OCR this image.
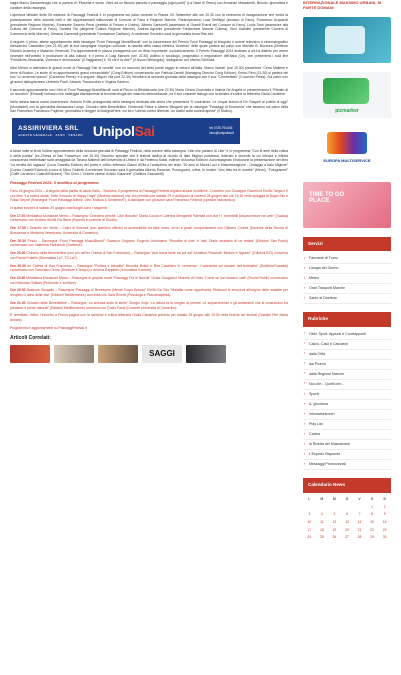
sagra Marco Santambrogio che ci parlerà di “Filosofia e storia. Vieni da un filosofo piaciuto e passeggia (ogni poeti)” (La Nave di Teseo) con Armando Massarenti, filosofo, giornalista e curatore della rassegna.

L'apertura ufficiale della XII edizione di Passaggi Festival è in programma sul palco centrale in Piazza XX Settembre alle ore 20.30 con la cerimonia di inaugurazione che vedrà la partecipazione delle autorità civili e dei rappresentanti istituzionali di Comune di Fano e Regione Marche. Parteciperanno Luca Serfilippi (sindaco di Fano), Francesco Acquaroli (presidente Regione Marche), Emanuele Saverio Pezzi (prefetto di Pesaro e Urbino), Alberto Santorelli (assessore al Grandi Eventi del Comune di Fano), Lucia Tomi (assessore alla Cultura del Comune di Fano), Daniela Tisi (dirigente Cultura Regione Marche), Andrea Agostini (presidente Fondazione Marche Cultura), Gino Sabatini (presidente Camera di Commercio delle Marche), Gessica Camerlati (presidente Fondazione Carifano). A moderare l'incontro sarà la giornalista Anna Rita Ioni.

A seguire, il primo, attese appuntamento della rassegna “Fuori Passaggi MusicBiscuit” con la conversione del Premio Fuori Passaggi al fotografo e autore televisivo e cinematografico Alessandro Castaldino (ore 21.30) per la sua campagna: impegno culturale: la nascita della cassa elettrica 'Accendo' delle quale parlerà sul palco con Michele B. Buonora (Direttore Edizioni Accento) e Massimo Vimercati, Tra appuntamenti in piazza protagonisti con un ritmo importante, iconomicamente. Il Premio Passaggi 2024 dedicato a chi ha distinto per vivere neomare nell'ambito e produzione di alta cultura, è il primo a Luigi Mancini (ore 22.30) politico e sociologo, pragmatico e negoziatore dell'Italia (Ce), che presenterà i suoi libri “Pollobiche-Sessualità, Violenza e democrazia” (Il Saggiatore) e “Di chi è la vita?” (Il Nuovo Melangolo), dialogando con Marino Sinibaldi.

Alba Menco si attenderà le grandi novel di Passaggi Fair le novelle' con un racconto del lento ponte raggio in mezzo all'Italia. Marco Vanner (ore 19.30) presenterà “Certo Maltese e Irene di Boston. Le storie di un appuntamento grand irrinunciabile” (Cong Editore) conversando con Patrizia Zanotti (Managing Director Cong Editore); Enrico Pirro (21.30) si parlerà del suo “Lo schermo bianco” (Coccinino Press); e a seguire, Miguel Vila (ore 22.30) introdurrà la seconda giornata della rassegna con il suo “Cornfortbles” (Coconino Press). Sul palco con gli autori dialogheranno Umberto Ponti, Aleardo Trasciocchio e Virginia Santoro.

Il secondo appuntamento con i libri di 'Fuori Passaggi MusicBiscuit' sarà al Pincio: la Bibliotecaria (ore 22.30) Maria Chiara Cicciolella e Valeria De Angelis ci presenteranno il “Ritratto di un ricordino” (Einaudi) romanzo che tratteggia attentamente la fenomenologia del maschio eterosessuale, ed il suo costante dialogo con la sinistra d'ordine la letteraria Giulia Cavaliere.

Nella stessa fascia oraria ricorreranno: Antonio Polito protagonista della rassegna dedicata alla storia che presenterà “Il costruttore. Le cinque lezioni di De Gasperi ai politici di oggi” (Mondadori) con la giornalista Alessandra Longo. Chiostro delle Benedettine, Emanuele Felice e Alberto Mingardi per la rassegna “Passaggi di Economia” che saranno sul palco della San Francesco Francesco Pugliese, giornalista e blogger di BolognaFiere, col loro “Liberal contro liberista. Un duello sulla società aperta” (Il Mulino).

ASSIRIVIERA SRL
AGENTE GENERALE · FANO · PESARO UnipolSai	tel 0735.791436
fano@unipolsai.it

A tarda notte si terrà l'ultimo appuntamento della seconda giornata di Passaggi Festival, nella cornice della rassegna “Libri che parlano di Libri” è in programma “Con le armi della critica e della poesia” (ex-Chiesa di San Francesco, ore 20.30) l'incontro speciale che il festival dedica al ricordo di Italo Migliori puddessa, letterato e docente la cui intensa e infinita conoscenza intellettuale sarà omaggiata da Tiziana Matteoli dell'Università di Urbino e da Federica Sassi, editrice di Acrasa Edizioni. Accompagnato l'inclusione la presentazione del libro “La sentita del ragazzo” (Luca Gravallo Editore) del poeta e critico letterario Gianni d'Elia a l'anteprima del testo “30 anni di Marini Luzi e Massimoragione - Omaggio a Italo Migliore” (Contro Castelli Edizioni) a cura di Mirco Giulietti. A moderare l'incontro sarà il giornalista Alberto Pancrazi. Proseguono, infine, le mostre “Uno letto tra le novelle” (Meno), “Fotogrammi” (Coffè Carolina e Castrol/Edizione) “Tito Chini. L'Oriente cinese di Aldo Giazzone” (Galleria Gazzaretti).

Passaggi Festival 2024: Il modifica al programma

Fano 26 giugno 2024 – A seguito della partita di calcio Italia – Svizzera, il programma di Passaggi Festival registra alcune modifiche. L'incontro con Giuseppe Gavelli ed Emilio Targia e Il Lev libro “La nostra storia. Tutto il mondo di Happy Days” (Minerva edizioni) che era previsto per sabato 29 è anticipato al venerdì 28 giugno alle ore 19.30 nella spiaggia di Bagni Elio e Fosso Sejore (Rassegna “Fuori Passaggi Allezio. Libri, Musica & Sentimenti”). A dialogare con gli autori sarà Francesco Federici (speaker radiofonico).

In questi incontri di sabato 29 giugno orari/luoghi sono i seguenti:

Ore 17.00 Mediateca Montanari Memo – Rassegna “Chiedersi perché. Libri filosofici” Diana Cocca e Caterina Mengarelli “Mentati con due H. Incredibili (dis)avventure nel web” (Scalda) conversano con Andrea Gentili Del Bene (Esperto in pratiche di Studio).

Ore 17.00 L'Oratello dei Vente – Calici di Scienza (con aperitivo offerto) la accessibilità tra fake news, errori e giusti comportamenti con Gilberto Corbini (Docente della Scuola di Biosciense e Medicina Veterinaria, Università di Camerino).

Ore 20.30 Pincio – Rassegna “Fuori Passaggi MusicBiscuit” Gianluca Grignani, Eugenio Andrioamo “Rosalba di cioè 'n' fatti. Diario stradario di un artista” (Edizioni San Paolo) conversano con Valentina Farinaccio (Scrittrice).

Ore 20.30 Chiostro delle Benedettine (non più nell'ex Chiesa di San Francesco) – Rassegna “Una storia tante tra poi sai” Annalisa Presciutti “Modice e Ngiurini” (Edizioni E/O) conversa con Flavia Fratello (Giornalista La7, TG La7).

Ore 20.30 ex Chiesa di San Francesco – Rassegna “Politica e Attualità” Brunella Bolloli e Rita Cavallaro “Il 'vermenso'. Controtutta sui dossier dell'Antimafia” (Bulldhim/Castaldi) conversano con Tommaso Cerno (Direttore Il Tempo) e Andrea Zappitelli (Giornalista Corriere).

Ore 20.30 Mediateca Montanari Memo – Rassegna di graphic novel “Passaggi Fra le Nuvole” Giulia Cisogota e Michele di Cecio “Come se non fossimo stati” (Round Robin) conversano con Nicholas Giuliani (Performer e scrittore).

Ore 20.30 Bastione Sangallo – Rassegna “Passaggi di Benessere (Mente Corpo Anima)” Emilio Da Tolo “Malattia come opportunità. Ridiscuoi le emozioni all'origine delle malattie per recupero il dono della vita” (Edizioni Mediterranee) conversa con Sara Rinzoli (Psicologa e Psicoterapeuta).

Ore 21.00 Chiostro delle Benedettine – Rassegna “La scienza sotto le stelle” Giorgio Volpi “La natura fa tu meglio: ai primati. Le sopravvivenze e gli andamenti che si consumano tra predatori e prede naturali” (Edizioni Mediterranee) conversa con Guido Favia (Docente Università di Camerino).

E' annullato, infine, l'incontro a Fermo-pagina con la scrittrice e critica letteraria Giulia Ciarapica previsto per sabato 29 giugno alle 19.00 nella libreria del festival (Giardini Pier Maria Amiani).

Programma e aggiornamenti su PassaggiFestival.it

Articoli Correlati:
SAGGI
INTERNAZIONALE MASSIMO URBANI, SI PARTE DOMANI
pizmarker
EUROPA MULTISERVICE
TIME TO GO PLACE
Servizi
› Farmacie di Turno
› Liturgia del Giorno
› Meteo
› Orari Trasporti Marche
› Santo al Direttore
Rubriche
› Obbl. Sport, Appunti e Contrappunti
› Calcio, Calci e Calciatori
› dalla Città
› dal Piceno
› dalla Regione Marche
› Noi che... Quelli che...
› Spunti
› A. gecoltura
› infomarketzone!
› Play List
› Cactus
› la Ricetta del Mascalzone
› L'Esperto Risponde
› Messaggi Promozionali
Calendario News
L	M	M	G	V	S	D
					1	2
3	4	5	6	7	8	9
10	11	12	13	14	15	16
17	18	19	20	21	22	23
24	25	26	27	28	29	30
